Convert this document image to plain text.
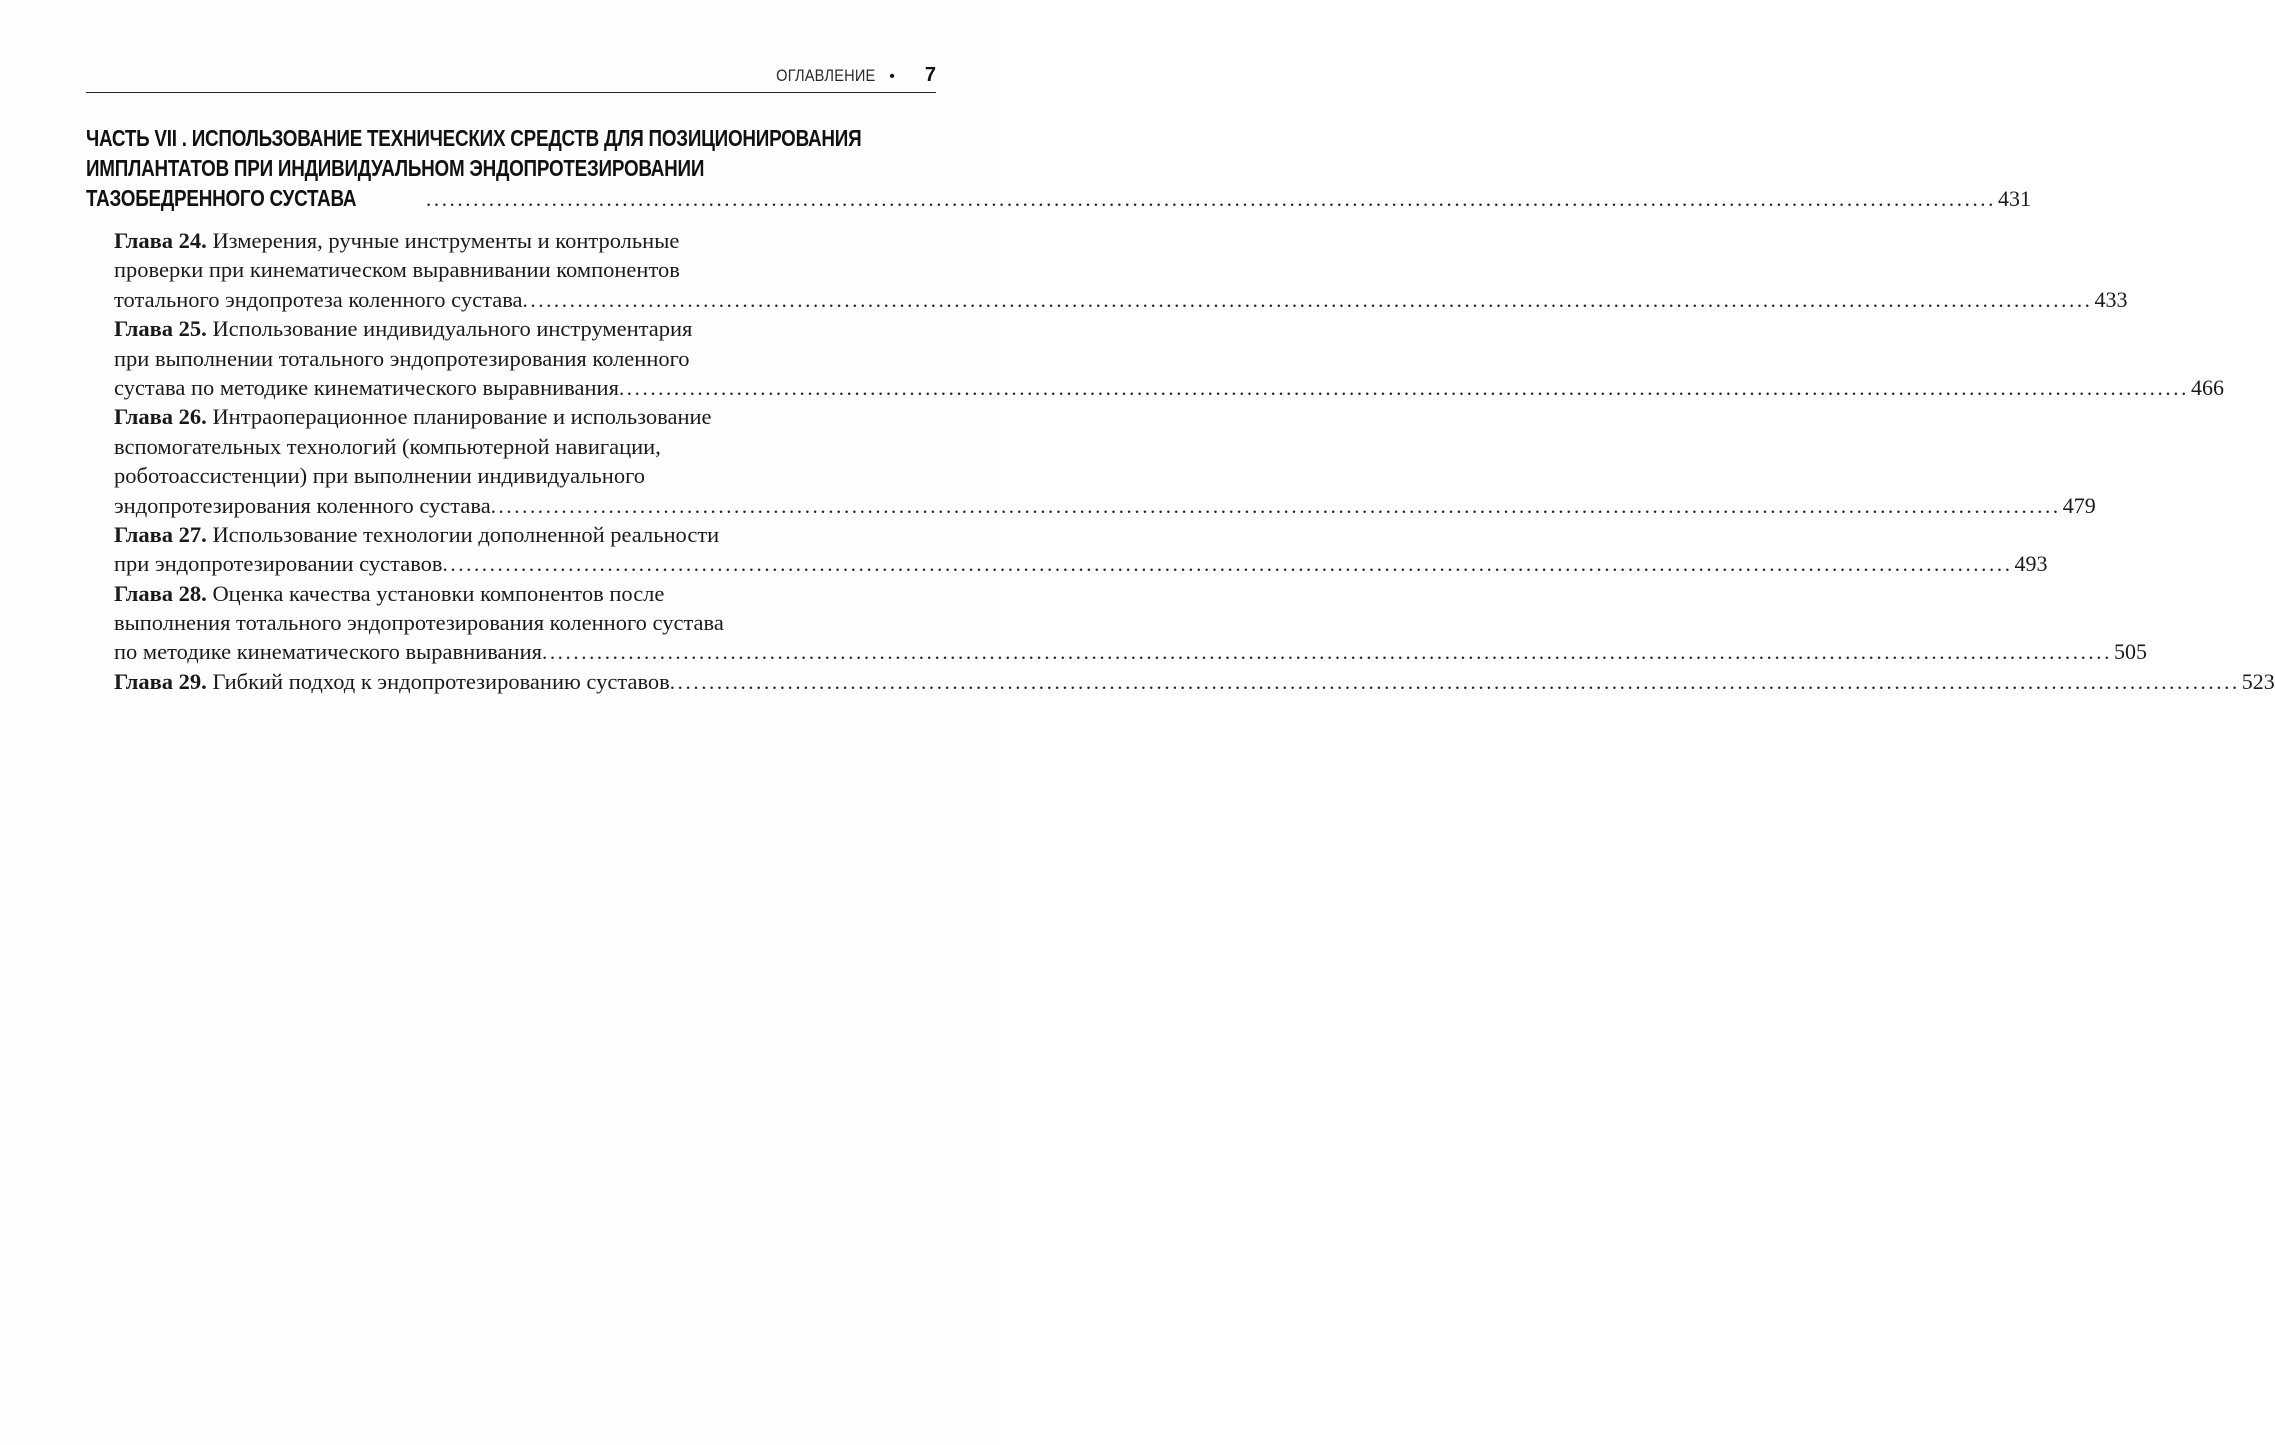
ОГЛАВЛЕНИЕ • 7
ЧАСТЬ VII . ИСПОЛЬЗОВАНИЕ ТЕХНИЧЕСКИХ СРЕДСТВ ДЛЯ ПОЗИЦИОНИРОВАНИЯ
ИМПЛАНТАТОВ ПРИ ИНДИВИДУАЛЬНОМ ЭНДОПРОТЕЗИРОВАНИИ
ТАЗОБЕДРЕННОГО СУСТАВА	........................................................................................................................................................................................................ 431
Глава 24. Измерения, ручные инструменты и контрольные
проверки при кинематическом выравнивании компонентов
тотального эндопротеза коленного сустава ........................................................................................................................................................................................................ 433
Глава 25. Использование индивидуального инструментария
при выполнении тотального эндопротезирования коленного
сустава по методике кинематического выравнивания ........................................................................................................................................................................................................ 466
Глава 26. Интраоперационное планирование и использование
вспомогательных технологий (компьютерной навигации,
роботоассистенции) при выполнении индивидуального
эндопротезирования коленного сустава ........................................................................................................................................................................................................ 479
Глава 27. Использование технологии дополненной реальности
при эндопротезировании суставов ........................................................................................................................................................................................................ 493
Глава 28. Оценка качества установки компонентов после
выполнения тотального эндопротезирования коленного сустава
по методике кинематического выравнивания ........................................................................................................................................................................................................ 505
Глава 29. Гибкий подход к эндопротезированию суставов ........................................................................................................................................................................................................ 523
